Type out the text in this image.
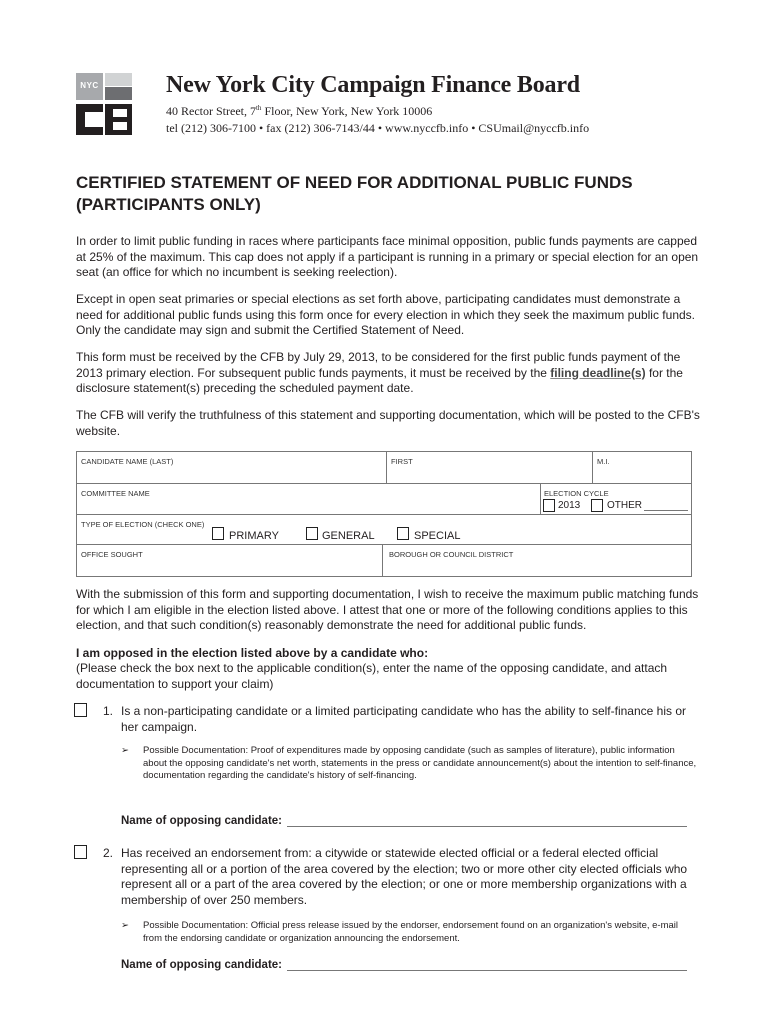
NYC	New York City Campaign Finance Board
40 Rector Street, 7th Floor, New York, New York 10006
tel (212) 306-7100 • fax (212) 306-7143/44 • www.nyccfb.info • CSUmail@nyccfb.info
CERTIFIED STATEMENT OF NEED FOR ADDITIONAL PUBLIC FUNDS
(PARTICIPANTS ONLY)
In order to limit public funding in races where participants face minimal opposition, public funds payments are capped at 25% of the maximum. This cap does not apply if a participant is running in a primary or special election for an open seat (an office for which no incumbent is seeking reelection).
Except in open seat primaries or special elections as set forth above, participating candidates must demonstrate a need for additional public funds using this form once for every election in which they seek the maximum public funds. Only the candidate may sign and submit the Certified Statement of Need.
This form must be received by the CFB by July 29, 2013, to be considered for the first public funds payment of the 2013 primary election. For subsequent public funds payments, it must be received by the filing deadline(s) for the disclosure statement(s) preceding the scheduled payment date.
The CFB will verify the truthfulness of this statement and supporting documentation, which will be posted to the CFB's website.
CANDIDATE NAME (LAST)	FIRST	M.I.
COMMITTEE NAME	ELECTION CYCLE
2013	OTHER
TYPE OF ELECTION (CHECK ONE)
PRIMARY	GENERAL	SPECIAL
OFFICE SOUGHT	BOROUGH OR COUNCIL DISTRICT
With the submission of this form and supporting documentation, I wish to receive the maximum public matching funds for which I am eligible in the election listed above. I attest that one or more of the following conditions applies to this election, and that such condition(s) reasonably demonstrate the need for additional public funds.
I am opposed in the election listed above by a candidate who:
(Please check the box next to the applicable condition(s), enter the name of the opposing candidate, and attach documentation to support your claim)
1. Is a non-participating candidate or a limited participating candidate who has the ability to self-finance his or her campaign.
➢ Possible Documentation: Proof of expenditures made by opposing candidate (such as samples of literature), public information about the opposing candidate's net worth, statements in the press or candidate announcement(s) about the intention to self-finance, documentation regarding the candidate's history of self-financing.
Name of opposing candidate:
2. Has received an endorsement from: a citywide or statewide elected official or a federal elected official representing all or a portion of the area covered by the election; two or more other city elected officials who represent all or a part of the area covered by the election; or one or more membership organizations with a membership of over 250 members.
➢ Possible Documentation: Official press release issued by the endorser, endorsement found on an organization's website, e-mail from the endorsing candidate or organization announcing the endorsement.
Name of opposing candidate:
